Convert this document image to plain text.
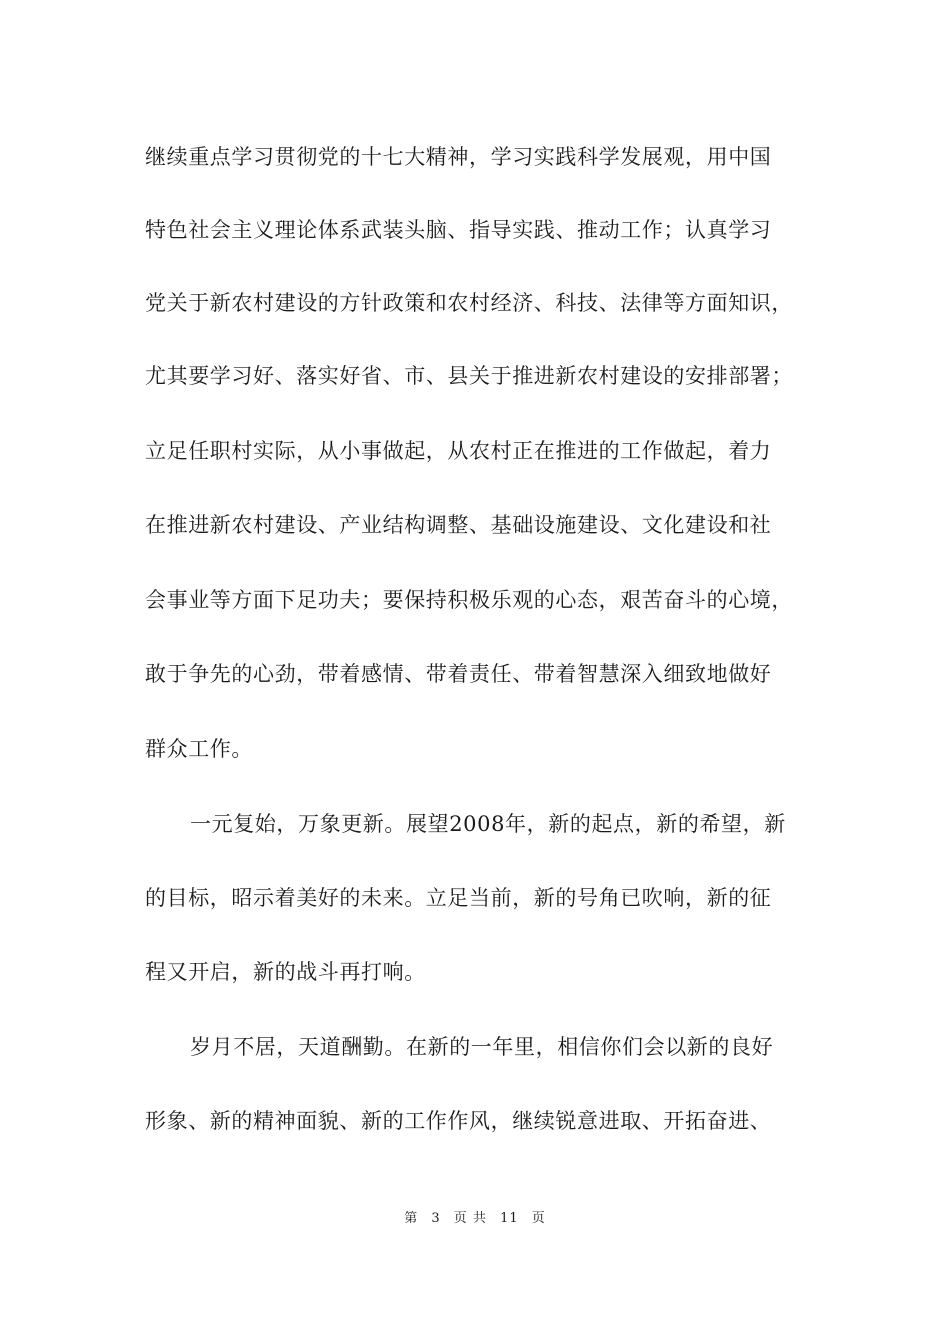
继续重点学习贯彻党的十七大精神，学习实践科学发展观，用中国
特色社会主义理论体系武装头脑、指导实践、推动工作；认真学习
党关于新农村建设的方针政策和农村经济、科技、法律等方面知识，
尤其要学习好、落实好省、市、县关于推进新农村建设的安排部署；
立足任职村实际，从小事做起，从农村正在推进的工作做起，着力
在推进新农村建设、产业结构调整、基础设施建设、文化建设和社
会事业等方面下足功夫；要保持积极乐观的心态，艰苦奋斗的心境，
敢于争先的心劲，带着感情、带着责任、带着智慧深入细致地做好
群众工作。
一元复始，万象更新。展望2008年，新的起点，新的希望，新
的目标，昭示着美好的未来。立足当前，新的号角已吹响，新的征
程又开启，新的战斗再打响。
岁月不居，天道酬勤。在新的一年里，相信你们会以新的良好
形象、新的精神面貌、新的工作作风，继续锐意进取、开拓奋进、
第 3 页 共 11 页
